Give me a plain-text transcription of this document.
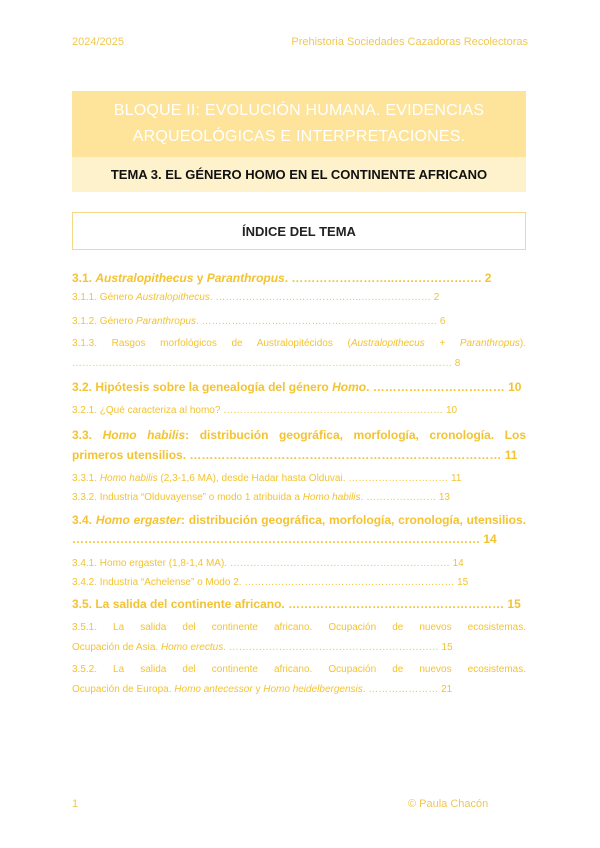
2024/2025	Prehistoria Sociedades Cazadoras Recolectoras
BLOQUE II: EVOLUCIÓN HUMANA. EVIDENCIAS
ARQUEOLÓGICAS E INTERPRETACIONES.
TEMA 3. EL GÉNERO HOMO EN EL CONTINENTE AFRICANO
ÍNDICE DEL TEMA
3.1. Australopithecus y Paranthropus. ……………………..…………………. 2
3.1.1. Género Australopithecus. ……………………………………..………………… 2
3.1.2. Género Paranthropus. ……………………………………..……………………… 6
3.1.3. Rasgos morfológicos de Australopitécidos (Australopithecus + Paranthropus).
…………………………………………………………………………………………………… 8
3.2. Hipótesis sobre la genealogía del género Homo. …………………………… 10
3.2.1. ¿Qué caracteriza al homo? ………………………………………………………… 10
3.3. Homo habilis: distribución geográfica, morfología, cronología. Los
primeros utensilios. …………………………………………………………………… 11
3.3.1. Homo habilis (2,3-1,6 MA), desde Hadar hasta Olduvai. ………………………… 11
3.3.2. Industria “Olduvayense” o modo 1 atribuida a Homo habilis. ………………… 13
3.4. Homo ergaster: distribución geográfica, morfología, cronología, utensilios.
………………………………………………………………………………………… 14
3.4.1. Homo ergaster (1,8-1,4 MA). ………………………………………………………… 14
3.4.2. Industria “Achelense” o Modo 2. ……………………………………………………… 15
3.5. La salida del continente africano. ……………………………………………… 15
3.5.1. La salida del continente africano. Ocupación de nuevos ecosistemas.
Ocupación de Asia. Homo erectus. ……………………………………………………… 15
3.5.2. La salida del continente africano. Ocupación de nuevos ecosistemas.
Ocupación de Europa. Homo antecessor y Homo heidelbergensis. ………………… 21
1	© Paula Chacón
